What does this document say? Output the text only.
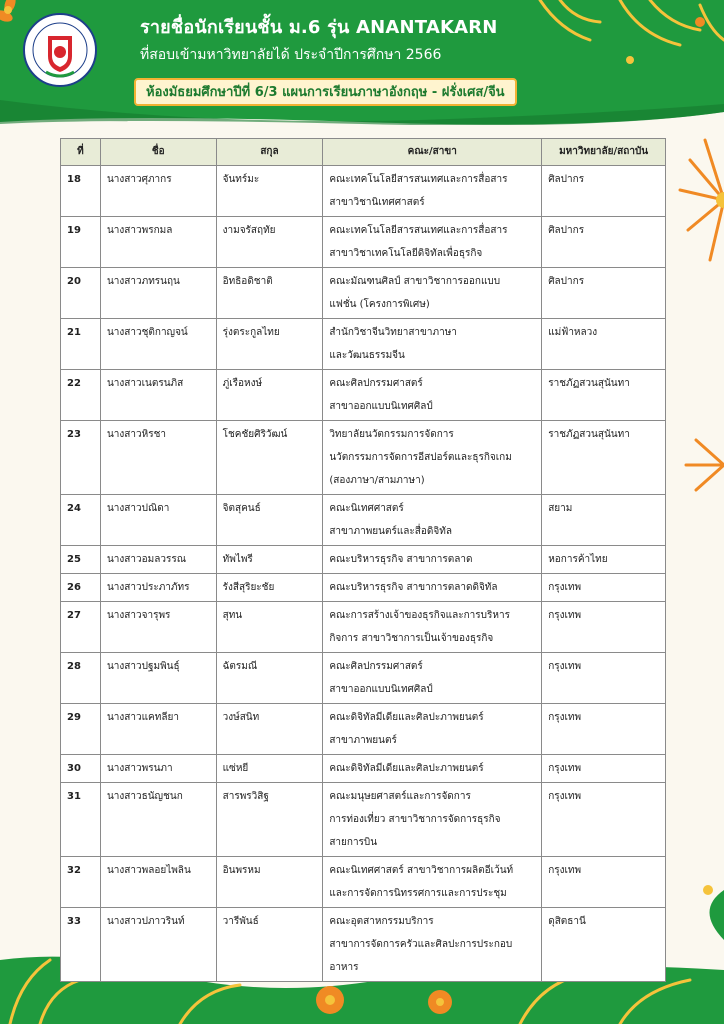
รายชื่อนักเรียนชั้น ม.6 รุ่น ANANTAKARN
ที่สอบเข้ามหาวิทยาลัยได้ ประจำปีการศึกษา 2566
ห้องมัธยมศึกษาปีที่ 6/3 แผนการเรียนภาษาอังกฤษ - ฝรั่งเศส/จีน
ที่	ชื่อ	สกุล	คณะ/สาขา	มหาวิทยาลัย/สถาบัน
18	นางสาวศุภากร	จันทร์มะ	คณะเทคโนโลยีสารสนเทศและการสื่อสาร
สาขาวิชานิเทศศาสตร์	ศิลปากร
19	นางสาวพรกมล	งามจรัสฤทัย	คณะเทคโนโลยีสารสนเทศและการสื่อสาร
สาขาวิชาเทคโนโลยีดิจิทัลเพื่อธุรกิจ	ศิลปากร
20	นางสาวภทรนฤน	อิทธิอดิชาติ	คณะมัณฑนศิลป์ สาขาวิชาการออกแบบ
แฟชั่น (โครงการพิเศษ)	ศิลปากร
21	นางสาวชุติกาญจน์	รุ่งตระกูลไทย	สำนักวิชาจีนวิทยาสาขาภาษา
และวัฒนธรรมจีน	แม่ฟ้าหลวง
22	นางสาวเนตรนภิส	ภู่เรือหงษ์	คณะศิลปกรรมศาสตร์
สาขาออกแบบนิเทศศิลป์	ราชภัฏสวนสุนันทา
23	นางสาวหิรชา	โชคชัยศิริวัฒน์	วิทยาลัยนวัตกรรมการจัดการ
นวัตกรรมการจัดการอีสปอร์ตและธุรกิจเกม
(สองภาษา/สามภาษา)	ราชภัฏสวนสุนันทา
24	นางสาวปณิดา	จิตสุคนธ์	คณะนิเทศศาสตร์
สาขาภาพยนตร์และสื่อดิจิทัล	สยาม
25	นางสาวอมลวรรณ	ทัพไพรี	คณะบริหารธุรกิจ สาขาการตลาด	หอการค้าไทย
26	นางสาวประภาภัทร	รังสีสุริยะชัย	คณะบริหารธุรกิจ สาขาการตลาดดิจิทัล	กรุงเทพ
27	นางสาวจารุพร	สุทน	คณะการสร้างเจ้าของธุรกิจและการบริหาร
กิจการ สาขาวิชาการเป็นเจ้าของธุรกิจ	กรุงเทพ
28	นางสาวปฐมพินธุ์	ฉัตรมณี	คณะศิลปกรรมศาสตร์
สาขาออกแบบนิเทศศิลป์	กรุงเทพ
29	นางสาวแคทลียา	วงษ์สนิท	คณะดิจิทัลมีเดียและศิลปะภาพยนตร์
สาขาภาพยนตร์	กรุงเทพ
30	นางสาวพรนภา	แซ่หยี	คณะดิจิทัลมีเดียและศิลปะภาพยนตร์	กรุงเทพ
31	นางสาวธนัญชนก	สารพรวิสิฐ	คณะมนุษยศาสตร์และการจัดการ
การท่องเที่ยว สาขาวิชาการจัดการธุรกิจ
สายการบิน	กรุงเทพ
32	นางสาวพลอยไพลิน	อินพรหม	คณะนิเทศศาสตร์ สาขาวิชาการผลิตอีเว้นท์
และการจัดการนิทรรศการและการประชุม	กรุงเทพ
33	นางสาวปภาวรินท์	วารีพันธ์	คณะอุตสาหกรรมบริการ
สาขาการจัดการครัวและศิลปะการประกอบ
อาหาร	ดุสิตธานี
